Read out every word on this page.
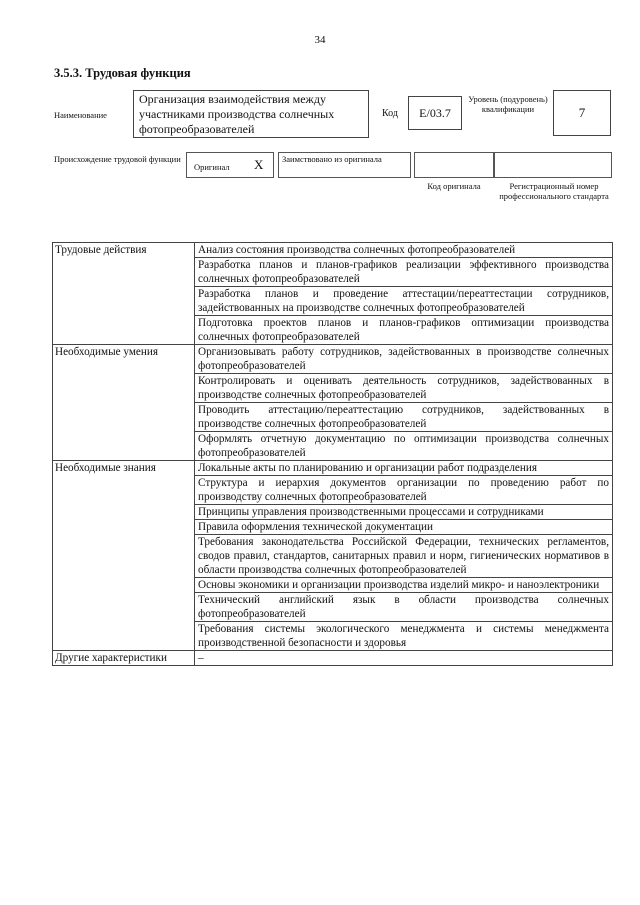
34
3.5.3. Трудовая функция
Наименование
Организация взаимодействия между участниками производства солнечных фотопреобразователей
Код	E/03.7
Уровень (подуровень) квалификации	7
Происхождение трудовой функции
Оригинал X Заимствовано из оригинала
Код оригинала	Регистрационный номер профессионального стандарта
Трудовые действия	Анализ состояния производства солнечных фотопреобразователей
	Разработка планов и планов-графиков реализации эффективного производства солнечных фотопреобразователей
	Разработка планов и проведение аттестации/переаттестации сотрудников, задействованных на производстве солнечных фотопреобразователей
	Подготовка проектов планов и планов-графиков оптимизации производства солнечных фотопреобразователей
Необходимые умения	Организовывать работу сотрудников, задействованных в производстве солнечных фотопреобразователей
	Контролировать и оценивать деятельность сотрудников, задействованных в производстве солнечных фотопреобразователей
	Проводить аттестацию/переаттестацию сотрудников, задействованных в производстве солнечных фотопреобразователей
	Оформлять отчетную документацию по оптимизации производства солнечных фотопреобразователей
Необходимые знания	Локальные акты по планированию и организации работ подразделения
	Структура и иерархия документов организации по проведению работ по производству солнечных фотопреобразователей
	Принципы управления производственными процессами и сотрудниками
	Правила оформления технической документации
	Требования законодательства Российской Федерации, технических регламентов, сводов правил, стандартов, санитарных правил и норм, гигиенических нормативов в области производства солнечных фотопреобразователей
	Основы экономики и организации производства изделий микро- и наноэлектроники
	Технический английский язык в области производства солнечных фотопреобразователей
	Требования системы экологического менеджмента и системы менеджмента производственной безопасности и здоровья
Другие характеристики	–
